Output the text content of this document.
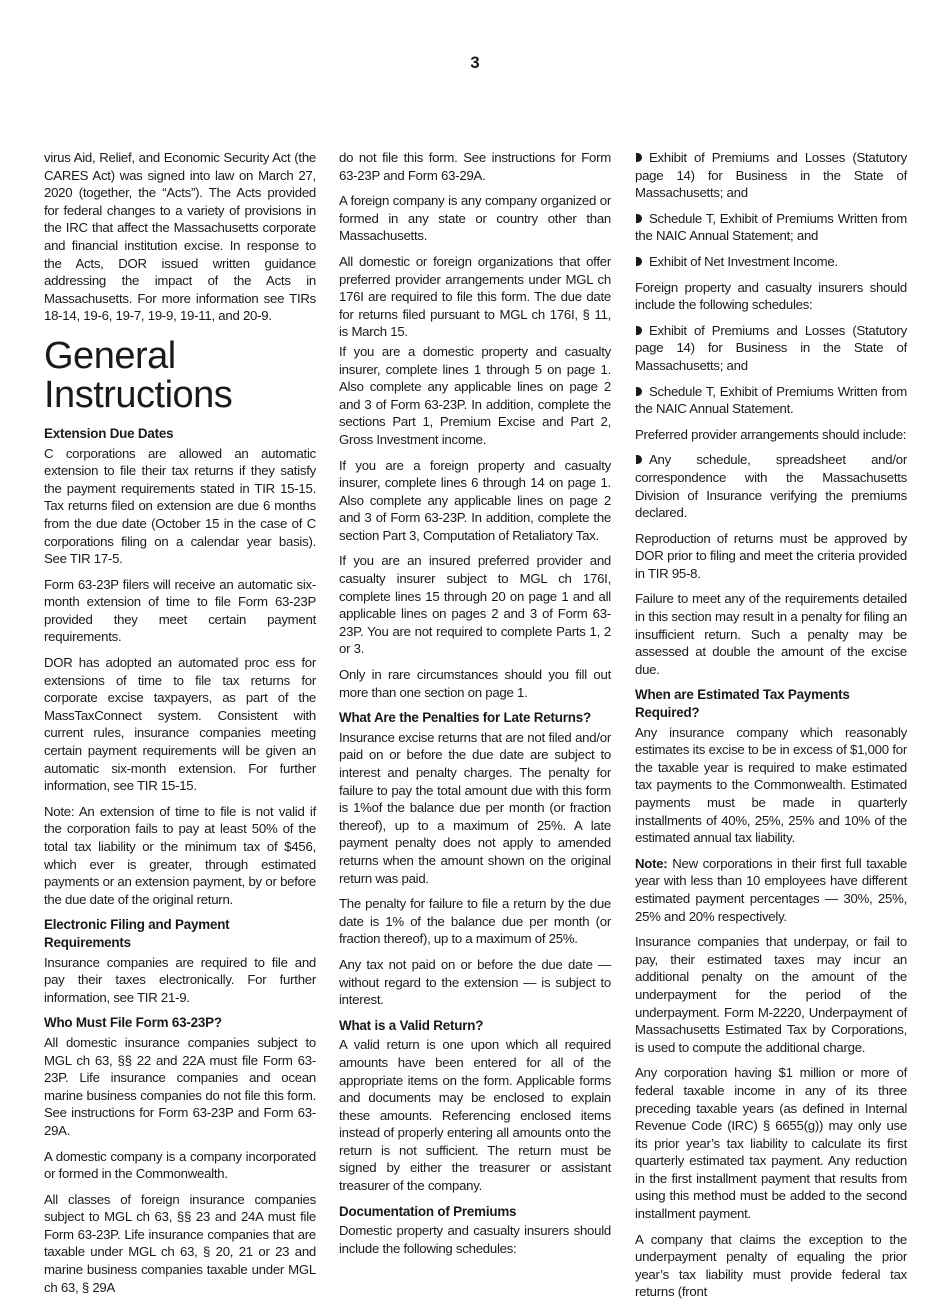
3

virus Aid, Relief, and Economic Security Act (the CARES Act) was signed into law on March 27, 2020 (together, the “Acts”). The Acts provided for federal changes to a variety of provisions in the IRC that affect the Massachusetts corporate and financial institution excise. In response to the Acts, DOR issued written guidance addressing the impact of the Acts in Massachusetts. For more information see TIRs 18-14, 19-6, 19-7, 19-9, 19-11, and 20-9.

General
Instructions
Extension Due Dates

C corporations are allowed an automatic extension to file their tax returns if they satisfy the payment requirements stated in TIR 15-15. Tax returns filed on extension are due 6 months from the due date (October 15 in the case of C corporations filing on a calendar year basis). See TIR 17-5.

Form 63-23P filers will receive an automatic six-month extension of time to file Form 63-23P provided they meet certain payment requirements.

DOR has adopted an automated proc ess for extensions of time to file tax returns for corporate excise taxpayers, as part of the MassTaxConnect system. Consistent with current rules, insurance companies meeting certain payment requirements will be given an automatic six-month extension. For further information, see TIR 15-15.

Note: An extension of time to file is not valid if the corporation fails to pay at least 50% of the total tax liability or the minimum tax of $456, which ever is greater, through estimated payments or an extension payment, by or before the due date of the original return.

Electronic Filing and Payment Requirements

Insurance companies are required to file and pay their taxes electronically. For further information, see TIR 21-9.

Who Must File Form 63-23P?

All domestic insurance companies subject to MGL ch 63, §§ 22 and 22A must file Form 63-23P. Life insurance companies and ocean marine business companies do not file this form. See instructions for Form 63-23P and Form 63-29A.

A domestic company is a company incorporated or formed in the Commonwealth.

All classes of foreign insurance companies subject to MGL ch 63, §§ 23 and 24A must file Form 63-23P. Life insurance companies that are taxable under MGL ch 63, § 20, 21 or 23 and marine business companies taxable under MGL ch 63, § 29A

do not file this form. See instructions for Form 63-23P and Form 63-29A.

A foreign company is any company organized or formed in any state or country other than Massachusetts.

All domestic or foreign organizations that offer preferred provider arrangements under MGL ch 176I are required to file this form. The due date for returns filed pursuant to MGL ch 176I, § 11, is March 15.

If you are a domestic property and casualty insurer, complete lines 1 through 5 on page 1. Also complete any applicable lines on page 2 and 3 of Form 63-23P. In addition, complete the sections Part 1, Premium Excise and Part 2, Gross Investment income.

If you are a foreign property and casualty insurer, complete lines 6 through 14 on page 1. Also complete any applicable lines on page 2 and 3 of Form 63-23P. In addition, complete the section Part 3, Computation of Retaliatory Tax.

If you are an insured preferred provider and casualty insurer subject to MGL ch 176I, complete lines 15 through 20 on page 1 and all applicable lines on pages 2 and 3 of Form 63-23P. You are not required to complete Parts 1, 2 or 3.

Only in rare circumstances should you fill out more than one section on page 1.

What Are the Penalties for Late Returns?

Insurance excise returns that are not filed and/or paid on or before the due date are subject to interest and penalty charges. The penalty for failure to pay the total amount due with this form is 1%of the balance due per month (or fraction thereof), up to a maximum of 25%. A late payment penalty does not apply to amended returns when the amount shown on the original return was paid.

The penalty for failure to file a return by the due date is 1% of the balance due per month (or fraction thereof), up to a maximum of 25%.

Any tax not paid on or before the due date — without regard to the extension — is subject to interest.

What is a Valid Return?

A valid return is one upon which all required amounts have been entered for all of the appropriate items on the form. Applicable forms and documents may be enclosed to explain these amounts. Referencing enclosed items instead of properly entering all amounts onto the return is not sufficient. The return must be signed by either the treasurer or assistant treasurer of the company.

Documentation of Premiums

Domestic property and casualty insurers should include the following schedules:

Exhibit of Premiums and Losses (Statutory page 14) for Business in the State of Massachusetts; and

Schedule T, Exhibit of Premiums Written from the NAIC Annual Statement; and

Exhibit of Net Investment Income.

Foreign property and casualty insurers should include the following schedules:

Exhibit of Premiums and Losses (Statutory page 14) for Business in the State of Massachusetts; and

Schedule T, Exhibit of Premiums Written from the NAIC Annual Statement.

Preferred provider arrangements should include:

Any schedule, spreadsheet and/or correspondence with the Massachusetts Division of Insurance verifying the premiums declared.

Reproduction of returns must be approved by DOR prior to filing and meet the criteria provided in TIR 95-8.

Failure to meet any of the requirements detailed in this section may result in a penalty for filing an insufficient return. Such a penalty may be assessed at double the amount of the excise due.

When are Estimated Tax Payments Required?

Any insurance company which reasonably estimates its excise to be in excess of $1,000 for the taxable year is required to make estimated tax payments to the Commonwealth. Estimated payments must be made in quarterly installments of 40%, 25%, 25% and 10% of the estimated annual tax liability.

Note: New corporations in their first full taxable year with less than 10 employees have different estimated payment percentages — 30%, 25%, 25% and 20% respectively.

Insurance companies that underpay, or fail to pay, their estimated taxes may incur an additional penalty on the amount of the underpayment for the period of the underpayment. Form M-2220, Underpayment of Massachusetts Estimated Tax by Corporations, is used to compute the additional charge.

Any corporation having $1 million or more of federal taxable income in any of its three preceding taxable years (as defined in Internal Revenue Code (IRC) § 6655(g)) may only use its prior year’s tax liability to calculate its first quarterly estimated tax payment. Any reduction in the first installment payment that results from using this method must be added to the second installment payment.

A company that claims the exception to the underpayment penalty of equaling the prior year’s tax liability must provide federal tax returns (front
